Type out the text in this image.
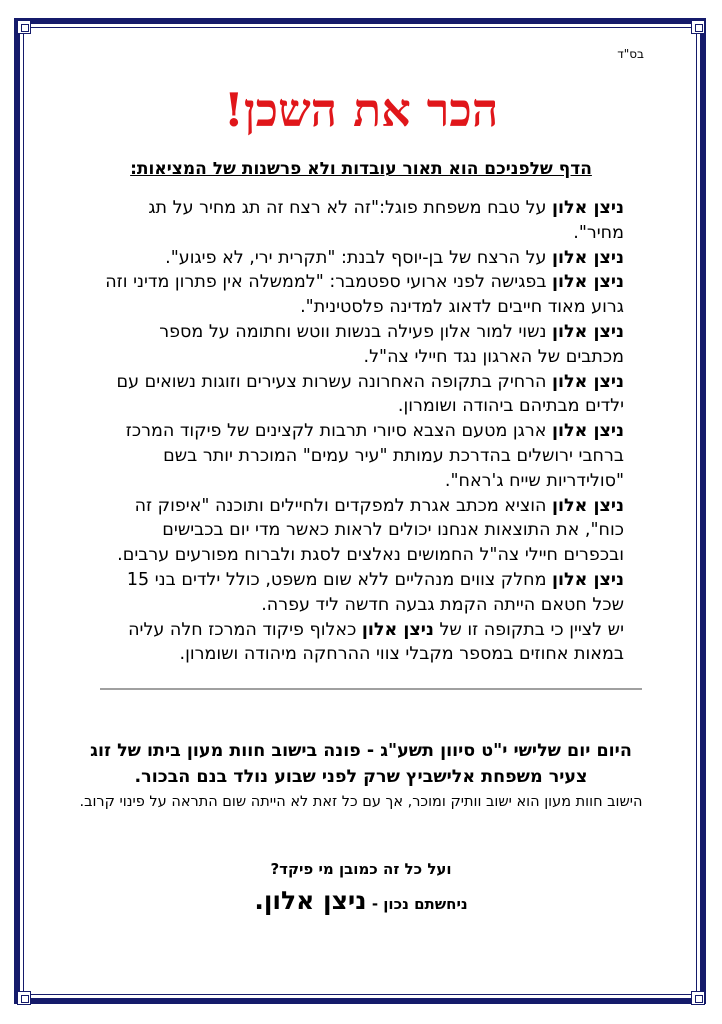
בס"ד
הכר את השכן!

הדף שלפניכם הוא תאור עובדות ולא פרשנות של המציאות:

ניצן אלון על טבח משפחת פוגל:"זה לא רצח זה תג מחיר על תג מחיר".

ניצן אלון על הרצח של בן-יוסף לבנת: "תקרית ירי, לא פיגוע".

ניצן אלון בפגישה לפני ארועי ספטמבר: "לממשלה אין פתרון מדיני וזה גרוע מאוד חייבים לדאוג למדינה פלסטינית".

ניצן אלון נשוי למור אלון פעילה בנשות ווטש וחתומה על מספר מכתבים של הארגון נגד חיילי צה"ל.

ניצן אלון הרחיק בתקופה האחרונה עשרות צעירים וזוגות נשואים עם ילדים מבתיהם ביהודה ושומרון.

ניצן אלון ארגן מטעם הצבא סיורי תרבות לקצינים של פיקוד המרכז ברחבי ירושלים בהדרכת עמותת "עיר עמים" המוכרת יותר בשם "סולידריות שייח ג'ראח".

ניצן אלון הוציא מכתב אגרת למפקדים ולחיילים ותוכנה "איפוק זה כוח", את התוצאות אנחנו יכולים לראות כאשר מדי יום בכבישים ובכפרים חיילי צה"ל החמושים נאלצים לסגת ולברוח מפורעים ערבים.

ניצן אלון מחלק צווים מנהליים ללא שום משפט, כולל ילדים בני 15 שכל חטאם הייתה הקמת גבעה חדשה ליד עפרה.

יש לציין כי בתקופה זו של ניצן אלון כאלוף פיקוד המרכז חלה עליה במאות אחוזים במספר מקבלי צווי ההרחקה מיהודה ושומרון.

היום יום שלישי י"ט סיוון תשע"ג - פונה בישוב חוות מעון ביתו של זוג צעיר משפחת אלישביץ שרק לפני שבוע נולד בנם הבכור.
הישוב חוות מעון הוא ישוב וותיק ומוכר, אך עם כל זאת לא הייתה שום התראה על פינוי קרוב.
ועל כל זה כמובן מי פיקד?
ניחשתם נכון - ניצן אלון.
